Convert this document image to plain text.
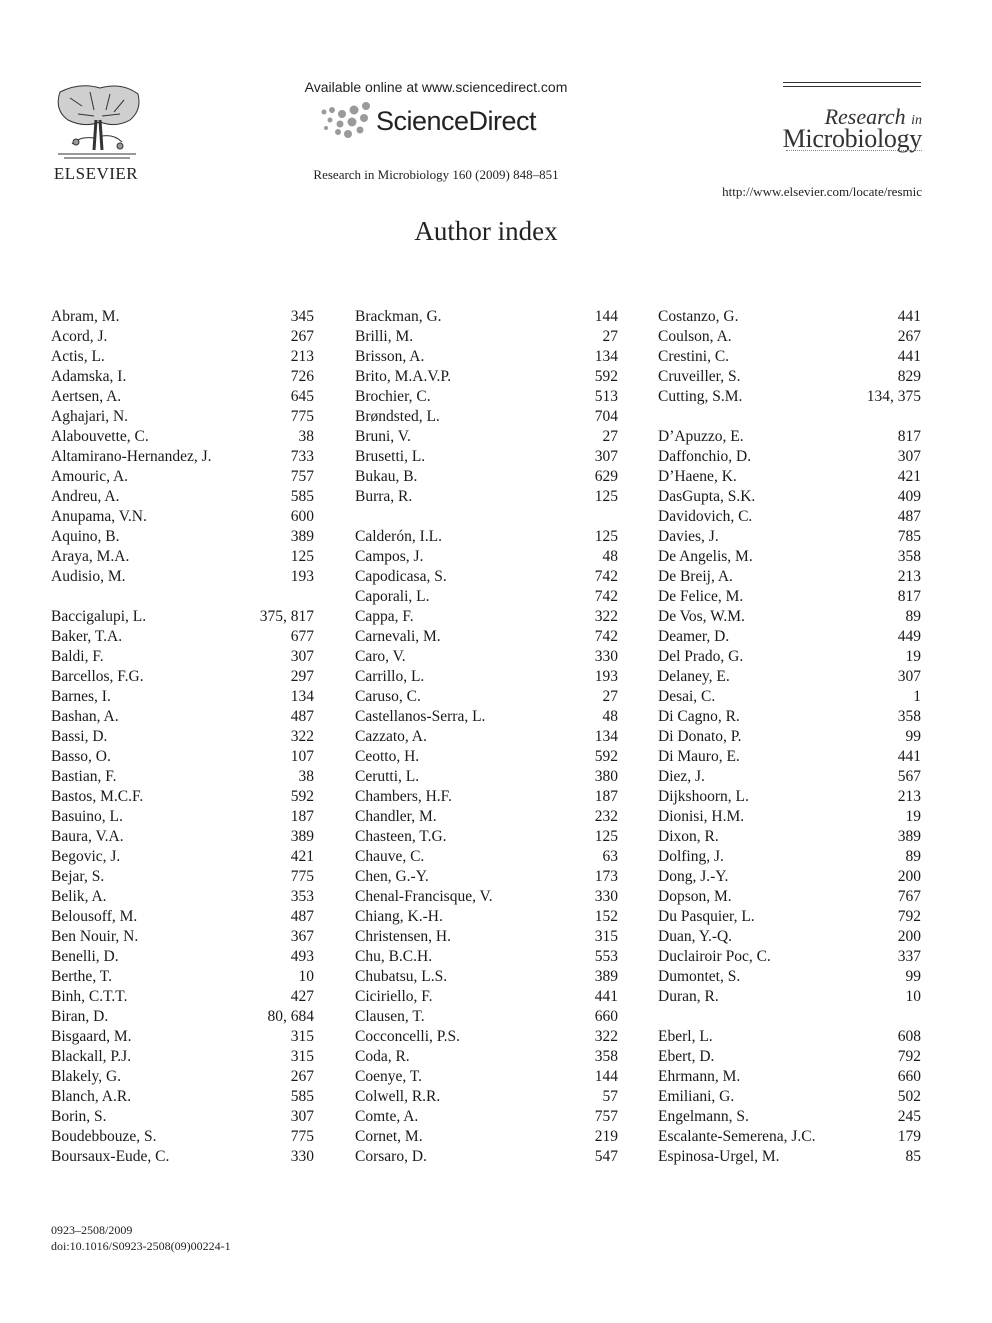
ELSEVIER
Available online at www.sciencedirect.com
ScienceDirect
Research in Microbiology 160 (2009) 848–851
Research in
Microbiology
http://www.elsevier.com/locate/resmic
Author index
Abram, M.	345
Acord, J.	267
Actis, L.	213
Adamska, I.	726
Aertsen, A.	645
Aghajari, N.	775
Alabouvette, C.	38
Altamirano-Hernandez, J.	733
Amouric, A.	757
Andreu, A.	585
Anupama, V.N.	600
Aquino, B.	389
Araya, M.A.	125
Audisio, M.	193
Baccigalupi, L.	375, 817
Baker, T.A.	677
Baldi, F.	307
Barcellos, F.G.	297
Barnes, I.	134
Bashan, A.	487
Bassi, D.	322
Basso, O.	107
Bastian, F.	38
Bastos, M.C.F.	592
Basuino, L.	187
Baura, V.A.	389
Begovic, J.	421
Bejar, S.	775
Belik, A.	353
Belousoff, M.	487
Ben Nouir, N.	367
Benelli, D.	493
Berthe, T.	10
Binh, C.T.T.	427
Biran, D.	80, 684
Bisgaard, M.	315
Blackall, P.J.	315
Blakely, G.	267
Blanch, A.R.	585
Borin, S.	307
Boudebbouze, S.	775
Boursaux-Eude, C.	330
Brackman, G.	144
Brilli, M.	27
Brisson, A.	134
Brito, M.A.V.P.	592
Brochier, C.	513
Brøndsted, L.	704
Bruni, V.	27
Brusetti, L.	307
Bukau, B.	629
Burra, R.	125
Calderón, I.L.	125
Campos, J.	48
Capodicasa, S.	742
Caporali, L.	742
Cappa, F.	322
Carnevali, M.	742
Caro, V.	330
Carrillo, L.	193
Caruso, C.	27
Castellanos-Serra, L.	48
Cazzato, A.	134
Ceotto, H.	592
Cerutti, L.	380
Chambers, H.F.	187
Chandler, M.	232
Chasteen, T.G.	125
Chauve, C.	63
Chen, G.-Y.	173
Chenal-Francisque, V.	330
Chiang, K.-H.	152
Christensen, H.	315
Chu, B.C.H.	553
Chubatsu, L.S.	389
Ciciriello, F.	441
Clausen, T.	660
Cocconcelli, P.S.	322
Coda, R.	358
Coenye, T.	144
Colwell, R.R.	57
Comte, A.	757
Cornet, M.	219
Corsaro, D.	547
Costanzo, G.	441
Coulson, A.	267
Crestini, C.	441
Cruveiller, S.	829
Cutting, S.M.	134, 375
D’Apuzzo, E.	817
Daffonchio, D.	307
D’Haene, K.	421
DasGupta, S.K.	409
Davidovich, C.	487
Davies, J.	785
De Angelis, M.	358
De Breij, A.	213
De Felice, M.	817
De Vos, W.M.	89
Deamer, D.	449
Del Prado, G.	19
Delaney, E.	307
Desai, C.	1
Di Cagno, R.	358
Di Donato, P.	99
Di Mauro, E.	441
Diez, J.	567
Dijkshoorn, L.	213
Dionisi, H.M.	19
Dixon, R.	389
Dolfing, J.	89
Dong, J.-Y.	200
Dopson, M.	767
Du Pasquier, L.	792
Duan, Y.-Q.	200
Duclairoir Poc, C.	337
Dumontet, S.	99
Duran, R.	10
Eberl, L.	608
Ebert, D.	792
Ehrmann, M.	660
Emiliani, G.	502
Engelmann, S.	245
Escalante-Semerena, J.C.	179
Espinosa-Urgel, M.	85
0923–2508/2009
doi:10.1016/S0923-2508(09)00224-1
